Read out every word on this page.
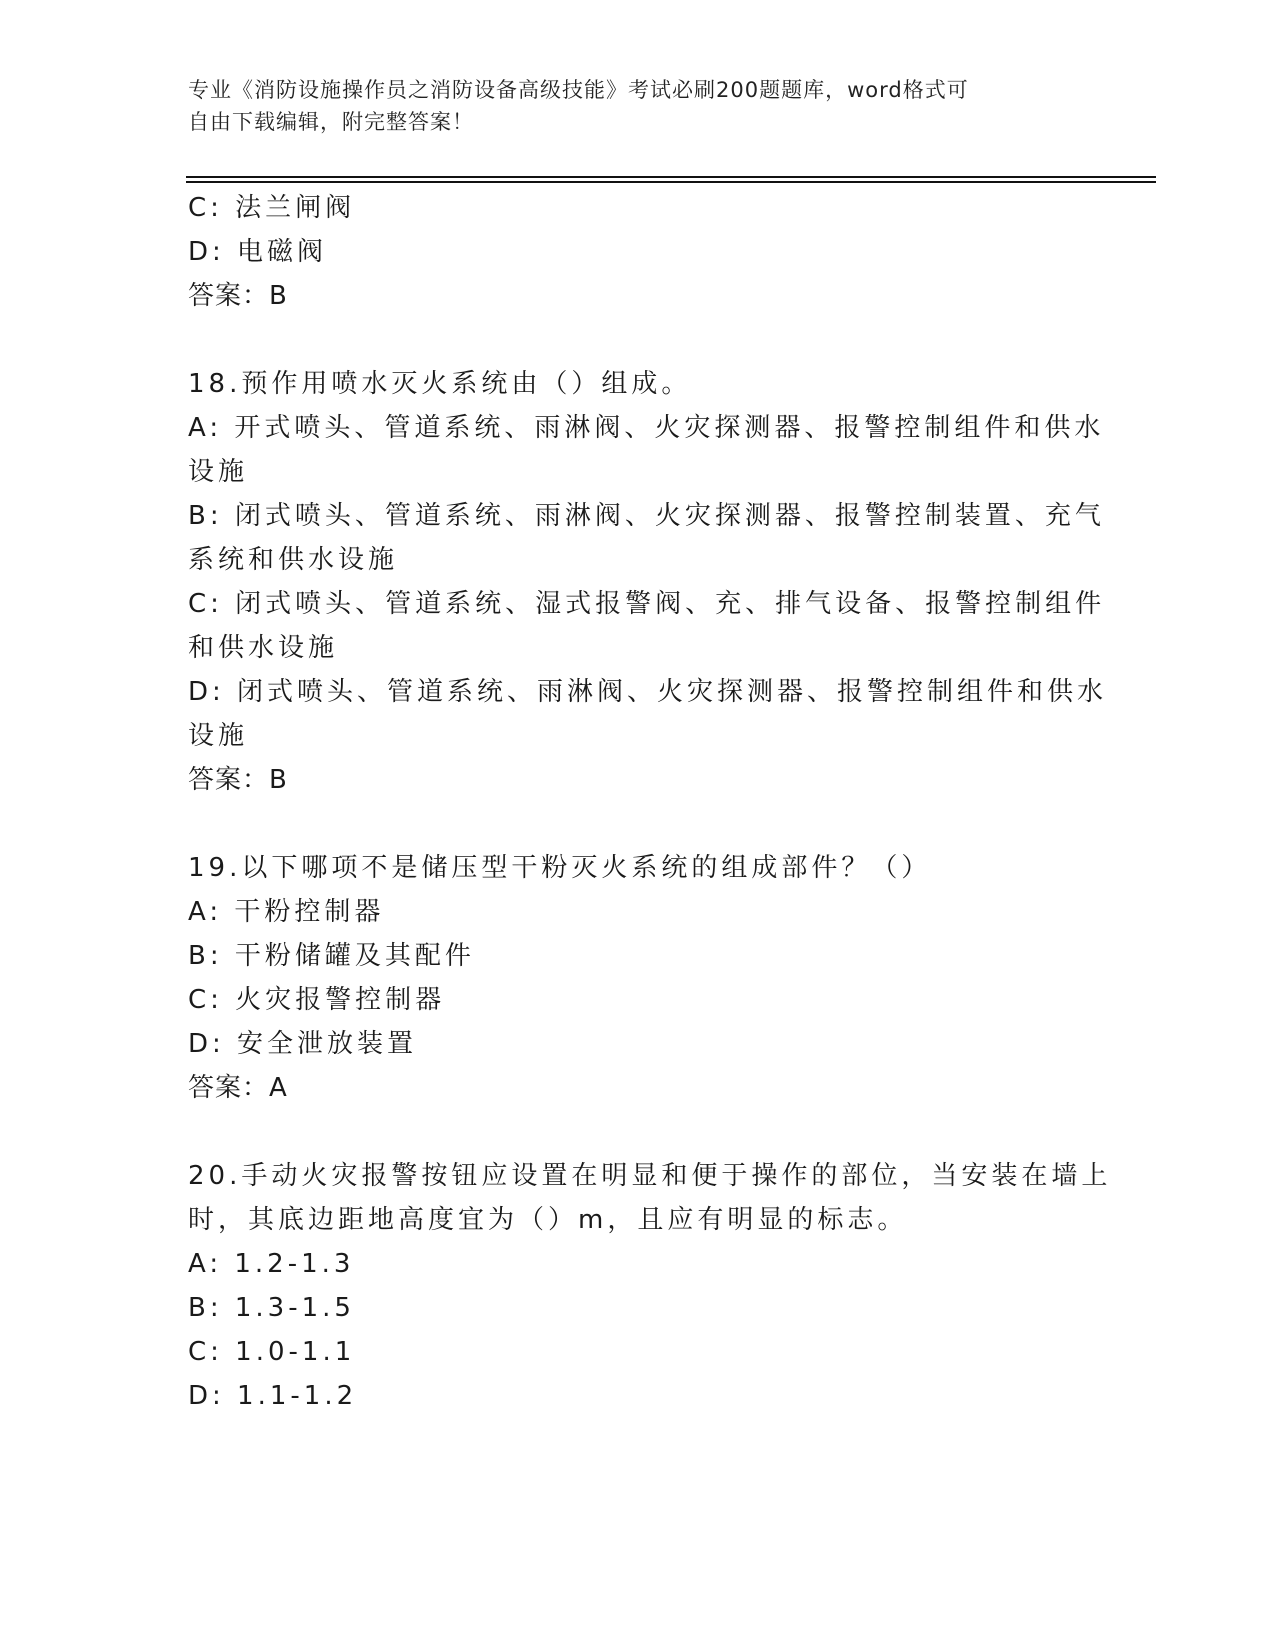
专业《消防设施操作员之消防设备高级技能》考试必刷200题题库，word格式可
自由下载编辑，附完整答案！
C: 法兰闸阀
D: 电磁阀
答案：B
18.预作用喷水灭火系统由（）组成。
A: 开式喷头、管道系统、雨淋阀、火灾探测器、报警控制组件和供水
设施
B: 闭式喷头、管道系统、雨淋阀、火灾探测器、报警控制装置、充气
系统和供水设施
C: 闭式喷头、管道系统、湿式报警阀、充、排气设备、报警控制组件
和供水设施
D: 闭式喷头、管道系统、雨淋阀、火灾探测器、报警控制组件和供水
设施
答案：B
19.以下哪项不是储压型干粉灭火系统的组成部件？（）
A: 干粉控制器
B: 干粉储罐及其配件
C: 火灾报警控制器
D: 安全泄放装置
答案：A
20.手动火灾报警按钮应设置在明显和便于操作的部位，当安装在墙上
时，其底边距地高度宜为（）m，且应有明显的标志。
A: 1.2-1.3
B: 1.3-1.5
C: 1.0-1.1
D: 1.1-1.2
